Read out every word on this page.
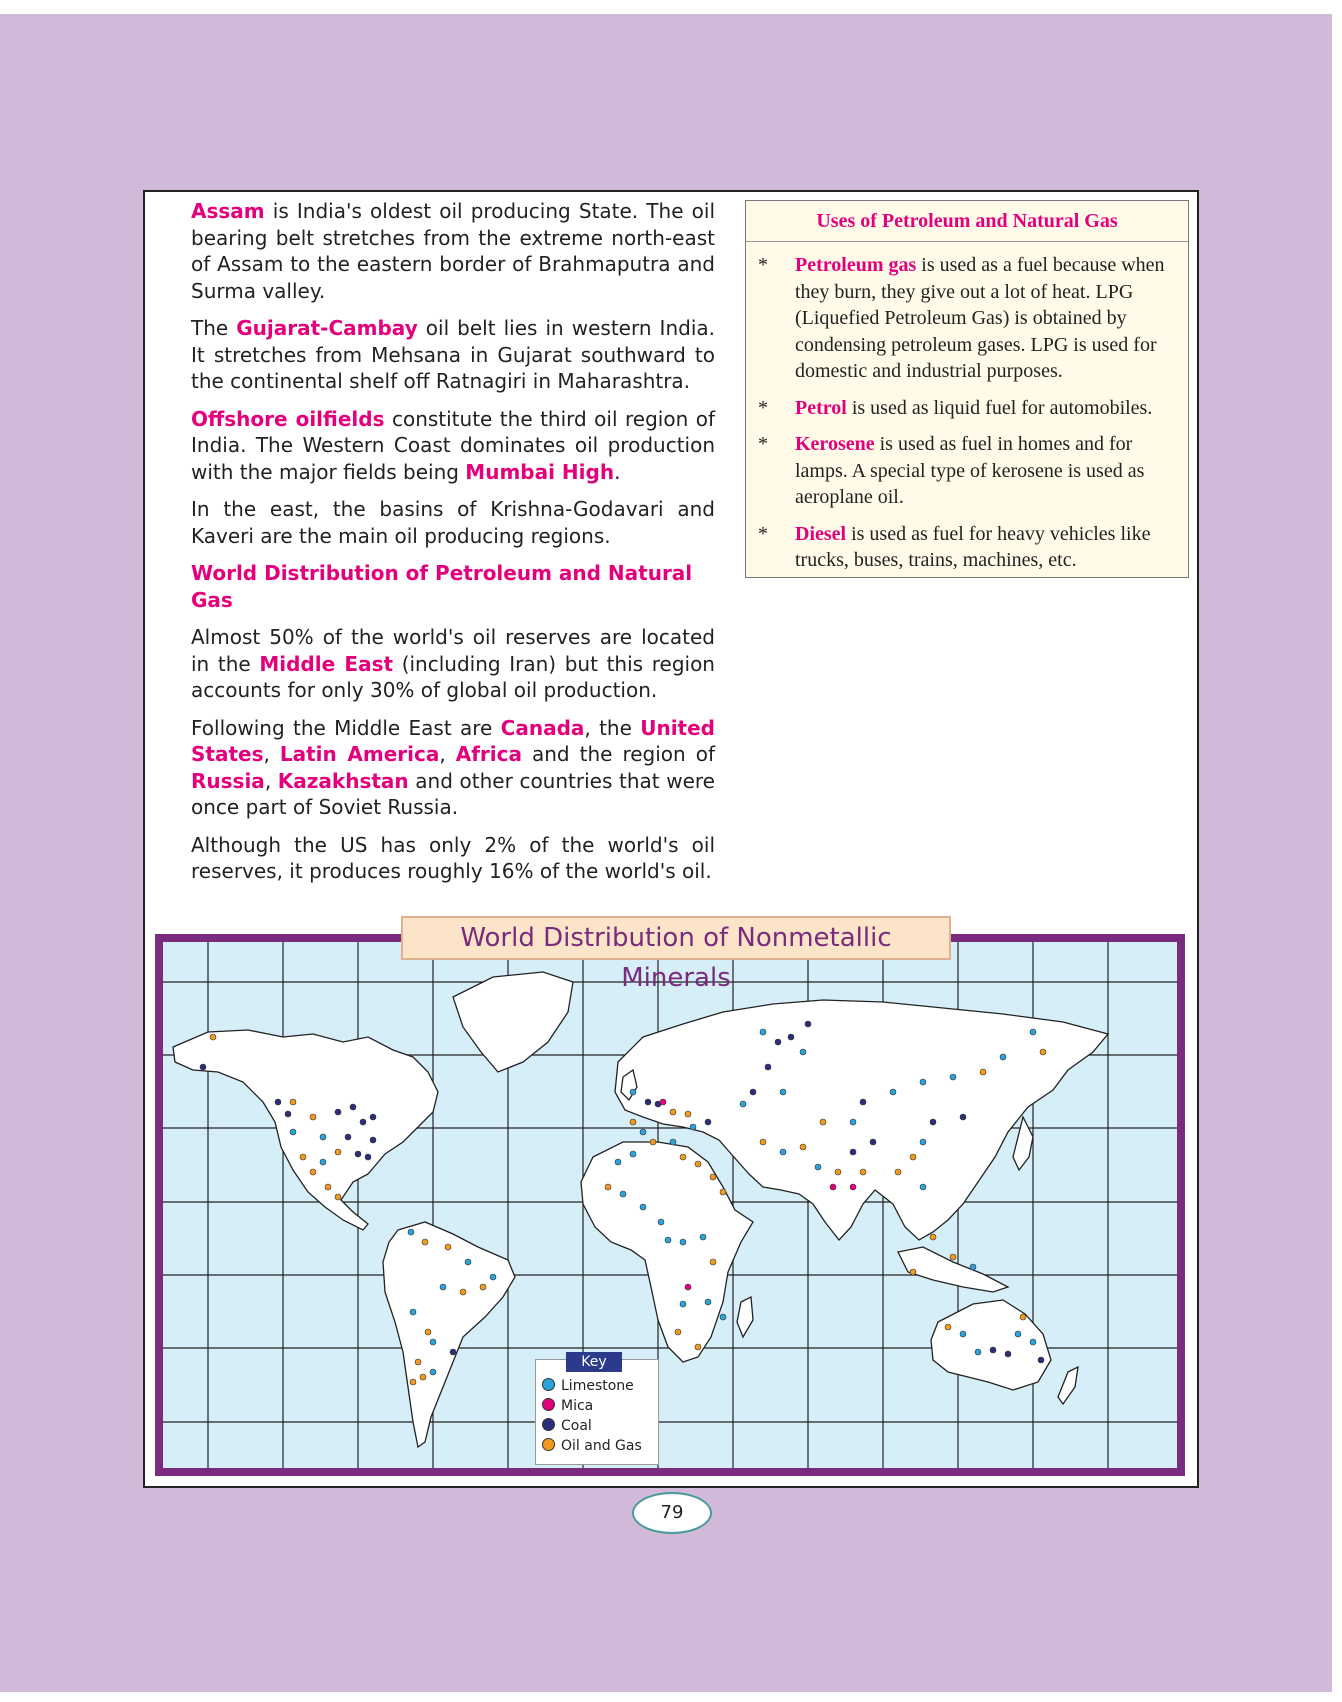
Assam is India's oldest oil producing State. The oil bearing belt stretches from the extreme north-east of Assam to the eastern border of Brahmaputra and Surma valley.

The Gujarat-Cambay oil belt lies in western India. It stretches from Mehsana in Gujarat southward to the continental shelf off Ratnagiri in Maharashtra.

Offshore oilfields constitute the third oil region of India. The Western Coast dominates oil production with the major fields being Mumbai High.

In the east, the basins of Krishna-Godavari and Kaveri are the main oil producing regions.

World Distribution of Petroleum and Natural Gas

Almost 50% of the world's oil reserves are located in the Middle East (including Iran) but this region accounts for only 30% of global oil production.

Following the Middle East are Canada, the United States, Latin America, Africa and the region of Russia, Kazakhstan and other countries that were once part of Soviet Russia.

Although the US has only 2% of the world's oil reserves, it produces roughly 16% of the world's oil.

Uses of Petroleum and Natural Gas
* Petroleum gas is used as a fuel because when they burn, they give out a lot of heat. LPG (Liquefied Petroleum Gas) is obtained by condensing petroleum gases. LPG is used for domestic and industrial purposes.
* Petrol is used as liquid fuel for automobiles.
* Kerosene is used as fuel in homes and for lamps. A special type of kerosene is used as aeroplane oil.
* Diesel is used as fuel for heavy vehicles like trucks, buses, trains, machines, etc.
World Distribution of Nonmetallic Minerals
Key
Limestone
Mica
Coal
Oil and Gas
79
